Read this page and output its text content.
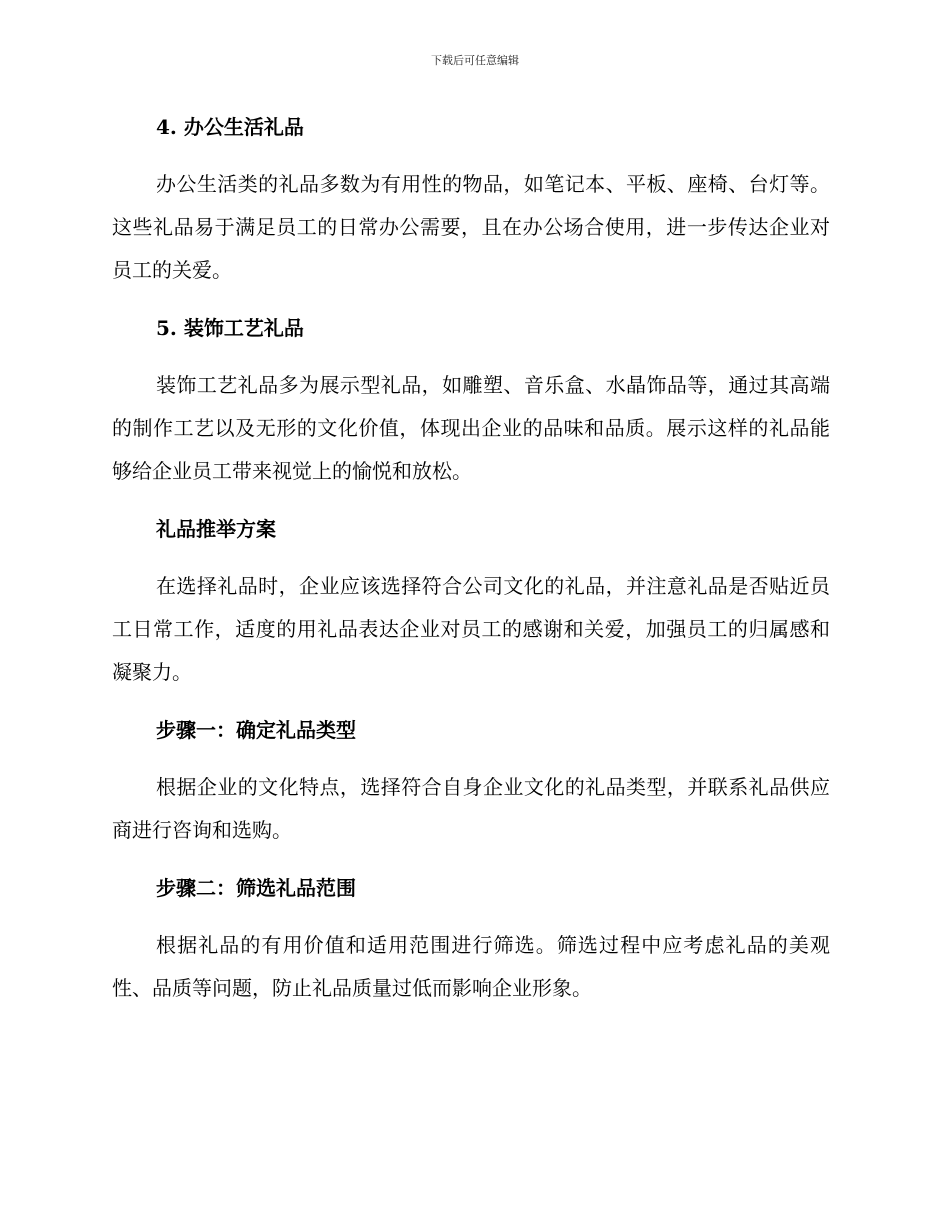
下载后可任意编辑
4. 办公生活礼品

办公生活类的礼品多数为有用性的物品，如笔记本、平板、座椅、台灯等。这些礼品易于满足员工的日常办公需要，且在办公场合使用，进一步传达企业对员工的关爱。

5. 装饰工艺礼品

装饰工艺礼品多为展示型礼品，如雕塑、音乐盒、水晶饰品等，通过其高端的制作工艺以及无形的文化价值，体现出企业的品味和品质。展示这样的礼品能够给企业员工带来视觉上的愉悦和放松。

礼品推举方案

在选择礼品时，企业应该选择符合公司文化的礼品，并注意礼品是否贴近员工日常工作，适度的用礼品表达企业对员工的感谢和关爱，加强员工的归属感和凝聚力。

步骤一：确定礼品类型

根据企业的文化特点，选择符合自身企业文化的礼品类型，并联系礼品供应商进行咨询和选购。

步骤二：筛选礼品范围

根据礼品的有用价值和适用范围进行筛选。筛选过程中应考虑礼品的美观性、品质等问题，防止礼品质量过低而影响企业形象。
